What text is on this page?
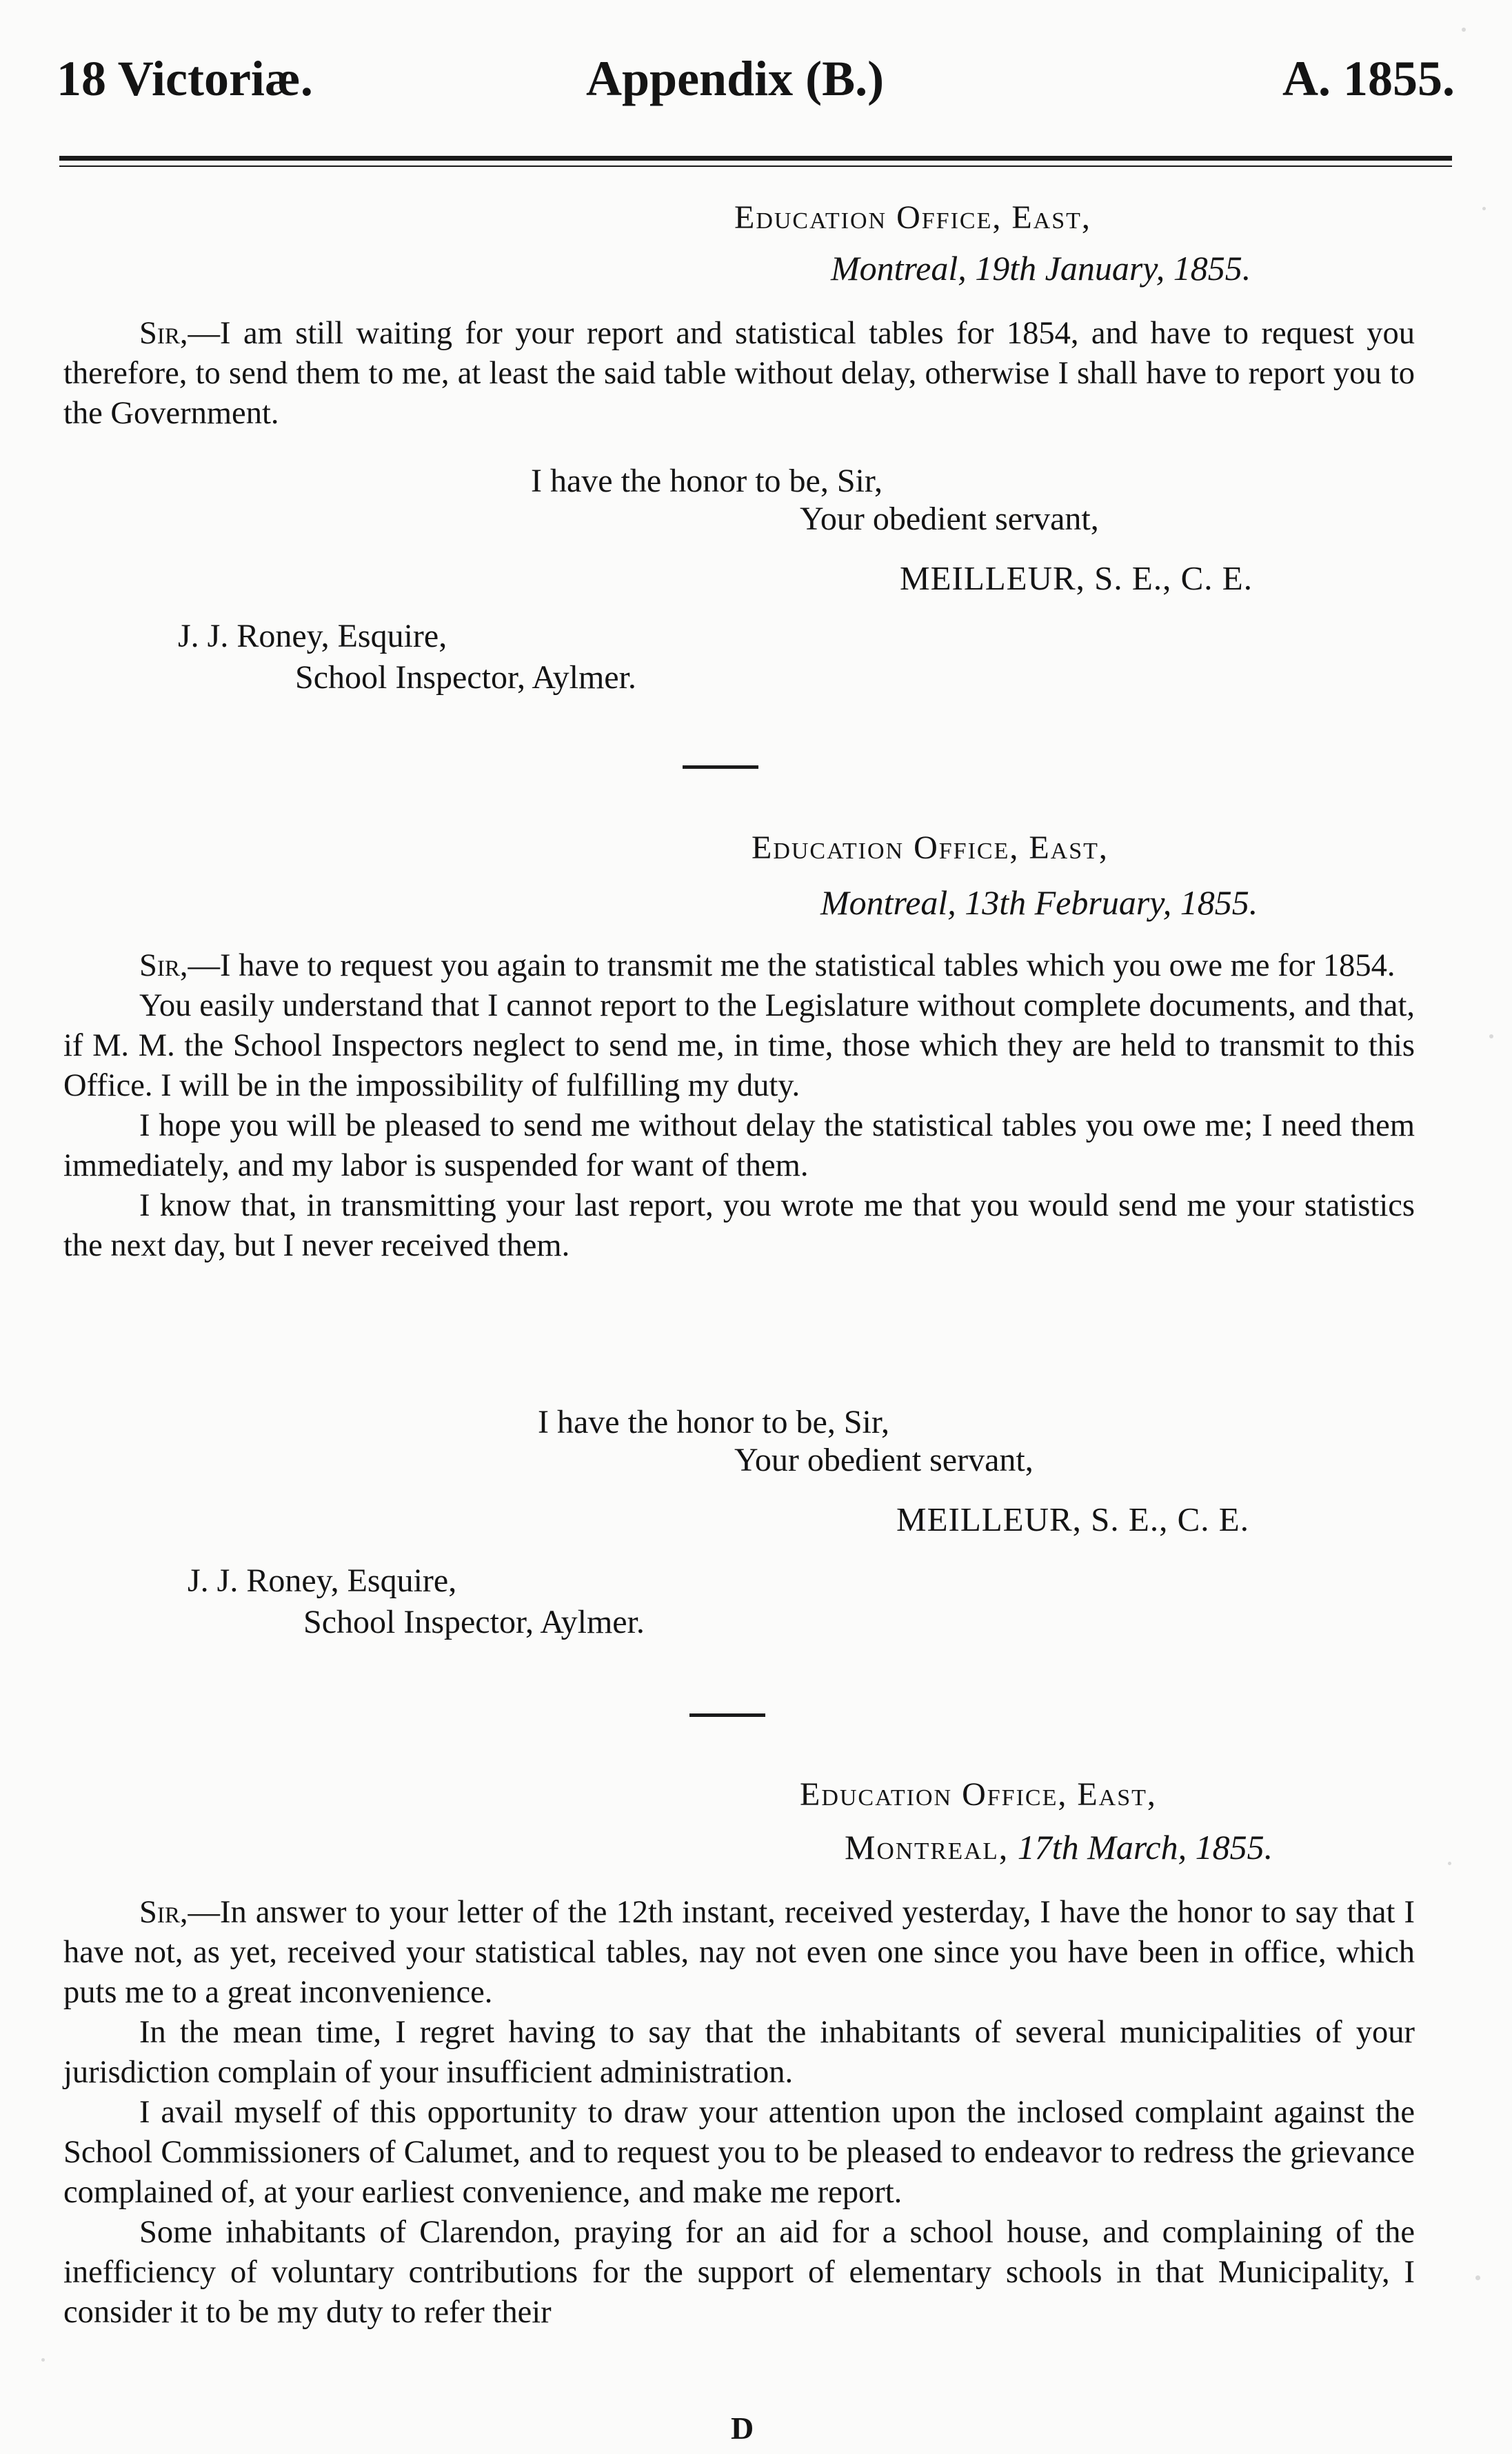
18 Victoriæ.	Appendix (B.)	A. 1855.
Education Office, East,
Montreal, 19th January, 1855.

Sir,—I am still waiting for your report and statistical tables for 1854, and have to request you therefore, to send them to me, at least the said table without delay, otherwise I shall have to report you to the Government.

I have the honor to be, Sir,
Your obedient servant,
MEILLEUR, S. E., C. E.
J. J. Roney, Esquire,
School Inspector, Aylmer.
Education Office, East,
Montreal, 13th February, 1855.

Sir,—I have to request you again to transmit me the statistical tables which you owe me for 1854.

You easily understand that I cannot report to the Legislature without complete documents, and that, if M. M. the School Inspectors neglect to send me, in time, those which they are held to transmit to this Office. I will be in the impossibility of fulfilling my duty.

I hope you will be pleased to send me without delay the statistical tables you owe me; I need them immediately, and my labor is suspended for want of them.

I know that, in transmitting your last report, you wrote me that you would send me your statistics the next day, but I never received them.

I have the honor to be, Sir,
Your obedient servant,
MEILLEUR, S. E., C. E.
J. J. Roney, Esquire,
School Inspector, Aylmer.
Education Office, East,
Montreal, 17th March, 1855.

Sir,—In answer to your letter of the 12th instant, received yesterday, I have the honor to say that I have not, as yet, received your statistical tables, nay not even one since you have been in office, which puts me to a great inconvenience.

In the mean time, I regret having to say that the inhabitants of several municipalities of your jurisdiction complain of your insufficient administration.

I avail myself of this opportunity to draw your attention upon the inclosed complaint against the School Commissioners of Calumet, and to request you to be pleased to endeavor to redress the grievance complained of, at your earliest convenience, and make me report.

Some inhabitants of Clarendon, praying for an aid for a school house, and complaining of the inefficiency of voluntary contributions for the support of elementary schools in that Municipality, I consider it to be my duty to refer their

D
